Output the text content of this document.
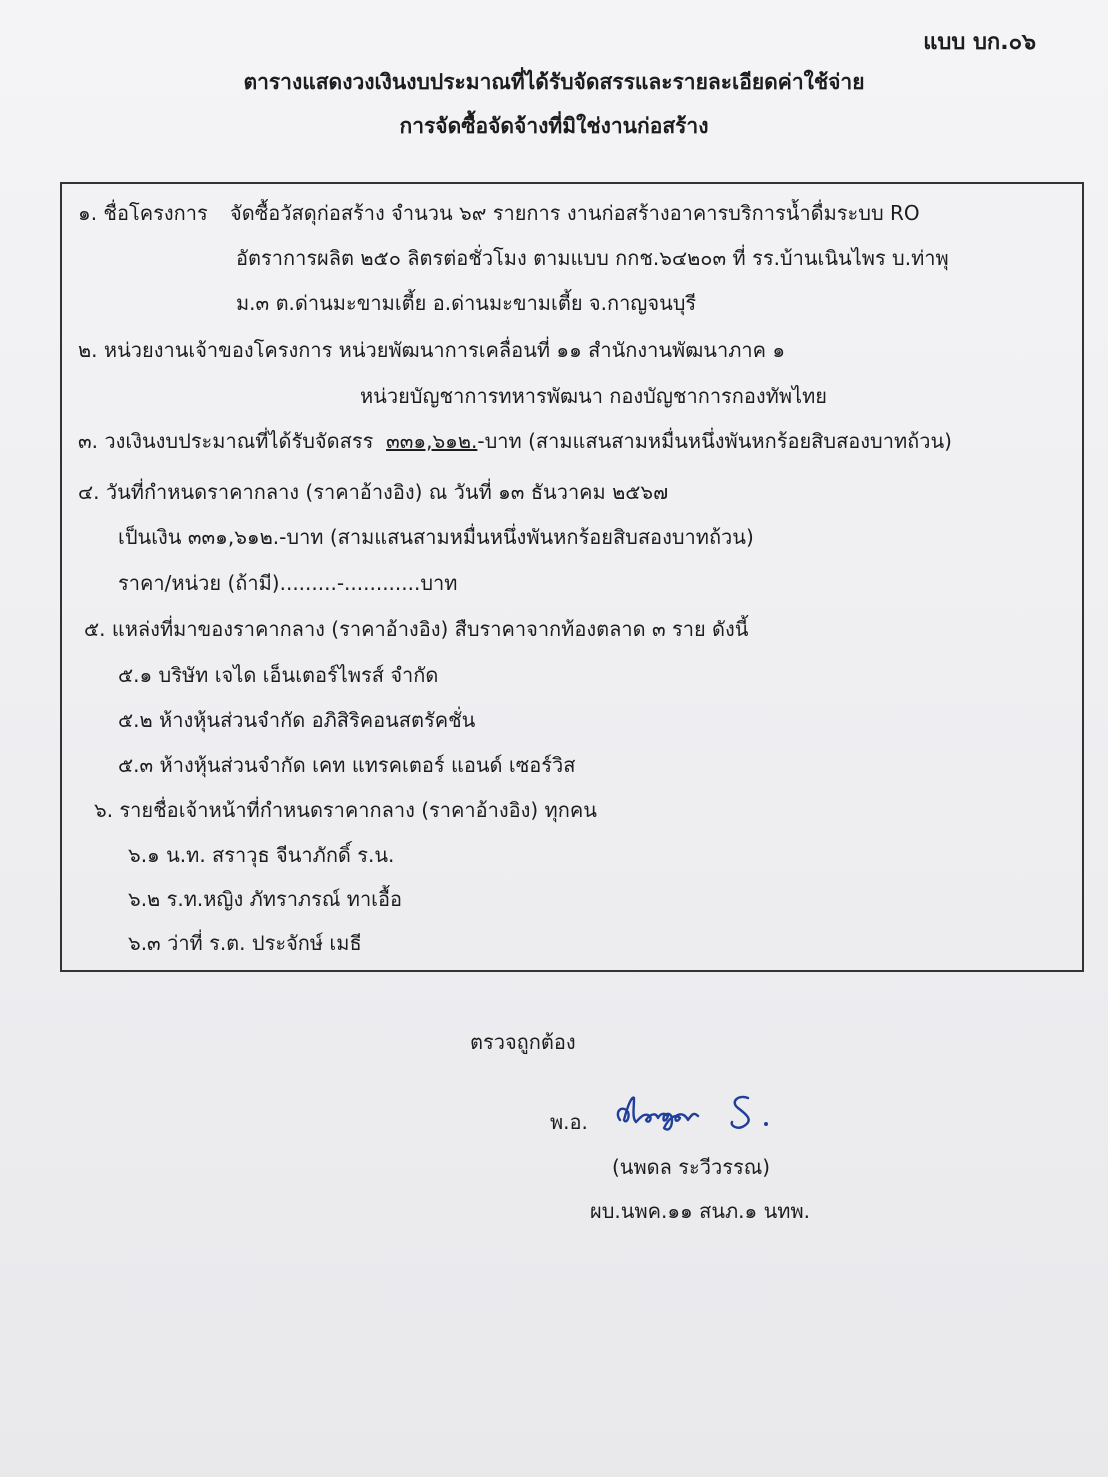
แบบ บก.๐๖
ตารางแสดงวงเงินงบประมาณที่ได้รับจัดสรรและรายละเอียดค่าใช้จ่าย
การจัดซื้อจัดจ้างที่มิใช่งานก่อสร้าง
๑. ชื่อโครงการ จัดซื้อวัสดุก่อสร้าง จำนวน ๖๙ รายการ งานก่อสร้างอาคารบริการน้ำดื่มระบบ RO
อัตราการผลิต ๒๕๐ ลิตรต่อชั่วโมง ตามแบบ กกช.๖๔๒๐๓ ที่ รร.บ้านเนินไพร บ.ท่าพุ
ม.๓ ต.ด่านมะขามเตี้ย อ.ด่านมะขามเตี้ย จ.กาญจนบุรี
๒. หน่วยงานเจ้าของโครงการ หน่วยพัฒนาการเคลื่อนที่ ๑๑ สำนักงานพัฒนาภาค ๑
หน่วยบัญชาการทหารพัฒนา กองบัญชาการกองทัพไทย
๓. วงเงินงบประมาณที่ได้รับจัดสรร ๓๓๑,๖๑๒.-บาท (สามแสนสามหมื่นหนึ่งพันหกร้อยสิบสองบาทถ้วน)
๔. วันที่กำหนดราคากลาง (ราคาอ้างอิง) ณ วันที่ ๑๓ ธันวาคม ๒๕๖๗
เป็นเงิน ๓๓๑,๖๑๒.-บาท (สามแสนสามหมื่นหนึ่งพันหกร้อยสิบสองบาทถ้วน)
ราคา/หน่วย (ถ้ามี).........-............บาท
๕. แหล่งที่มาของราคากลาง (ราคาอ้างอิง) สืบราคาจากท้องตลาด ๓ ราย ดังนี้
๕.๑ บริษัท เจได เอ็นเตอร์ไพรส์ จำกัด
๕.๒ ห้างหุ้นส่วนจำกัด อภิสิริคอนสตรัคชั่น
๕.๓ ห้างหุ้นส่วนจำกัด เคท แทรคเตอร์ แอนด์ เซอร์วิส
๖. รายชื่อเจ้าหน้าที่กำหนดราคากลาง (ราคาอ้างอิง) ทุกคน
๖.๑ น.ท. สราวุธ จีนาภักดิ์ ร.น.
๖.๒ ร.ท.หญิง ภัทราภรณ์ ทาเอื้อ
๖.๓ ว่าที่ ร.ต. ประจักษ์ เมธี
ตรวจถูกต้อง
พ.อ.
(นพดล ระวีวรรณ)
ผบ.นพค.๑๑ สนภ.๑ นทพ.
